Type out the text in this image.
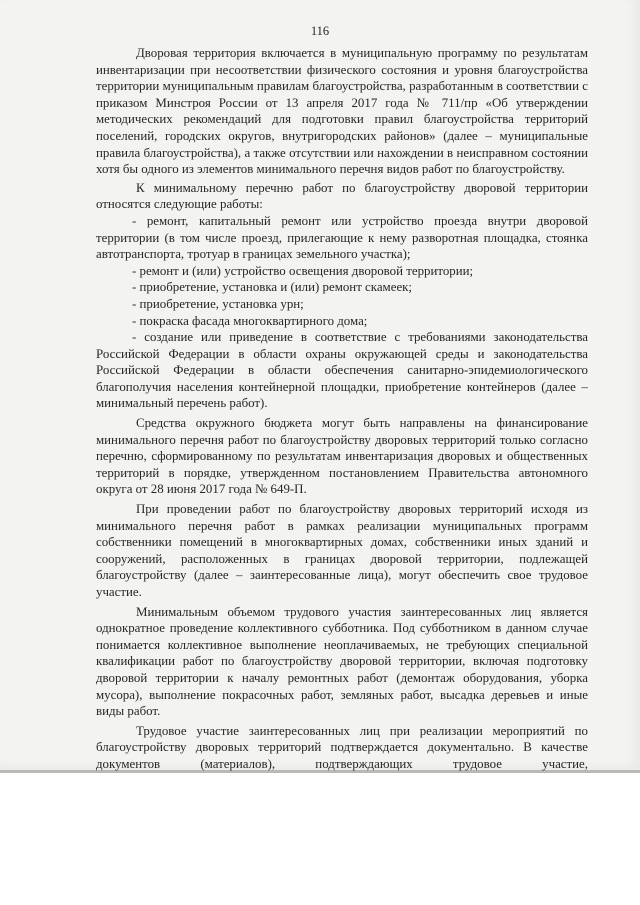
116

Дворовая территория включается в муниципальную программу по результатам инвентаризации при несоответствии физического состояния и уровня благоустройства территории муниципальным правилам благоустройства, разработанным в соответствии с приказом Минстроя России от 13 апреля 2017 года № 711/пр «Об утверждении методических рекомендаций для подготовки правил благоустройства территорий поселений, городских округов, внутригородских районов» (далее – муниципальные правила благоустройства), а также отсутствии или нахождении в неисправном состоянии хотя бы одного из элементов минимального перечня видов работ по благоустройству.

К минимальному перечню работ по благоустройству дворовой территории относятся следующие работы:

- ремонт, капитальный ремонт или устройство проезда внутри дворовой территории (в том числе проезд, прилегающие к нему разворотная площадка, стоянка автотранспорта, тротуар в границах земельного участка);

- ремонт и (или) устройство освещения дворовой территории;

- приобретение, установка и (или) ремонт скамеек;

- приобретение, установка урн;

- покраска фасада многоквартирного дома;

- создание или приведение в соответствие с требованиями законодательства Российской Федерации в области охраны окружающей среды и законодательства Российской Федерации в области обеспечения санитарно-эпидемиологического благополучия населения контейнерной площадки, приобретение контейнеров (далее – минимальный перечень работ).

Средства окружного бюджета могут быть направлены на финансирование минимального перечня работ по благоустройству дворовых территорий только согласно перечню, сформированному по результатам инвентаризация дворовых и общественных территорий в порядке, утвержденном постановлением Правительства автономного округа от 28 июня 2017 года № 649-П.

При проведении работ по благоустройству дворовых территорий исходя из минимального перечня работ в рамках реализации муниципальных программ собственники помещений в многоквартирных домах, собственники иных зданий и сооружений, расположенных в границах дворовой территории, подлежащей благоустройству (далее – заинтересованные лица), могут обеспечить свое трудовое участие.

Минимальным объемом трудового участия заинтересованных лиц является однократное проведение коллективного субботника. Под субботником в данном случае понимается коллективное выполнение неоплачиваемых, не требующих специальной квалификации работ по благоустройству дворовой территории, включая подготовку дворовой территории к началу ремонтных работ (демонтаж оборудования, уборка мусора), выполнение покрасочных работ, земляных работ, высадка деревьев и иные виды работ.

Трудовое участие заинтересованных лиц при реализации мероприятий по благоустройству дворовых территорий подтверждается документально. В качестве документов (материалов), подтверждающих трудовое участие,
